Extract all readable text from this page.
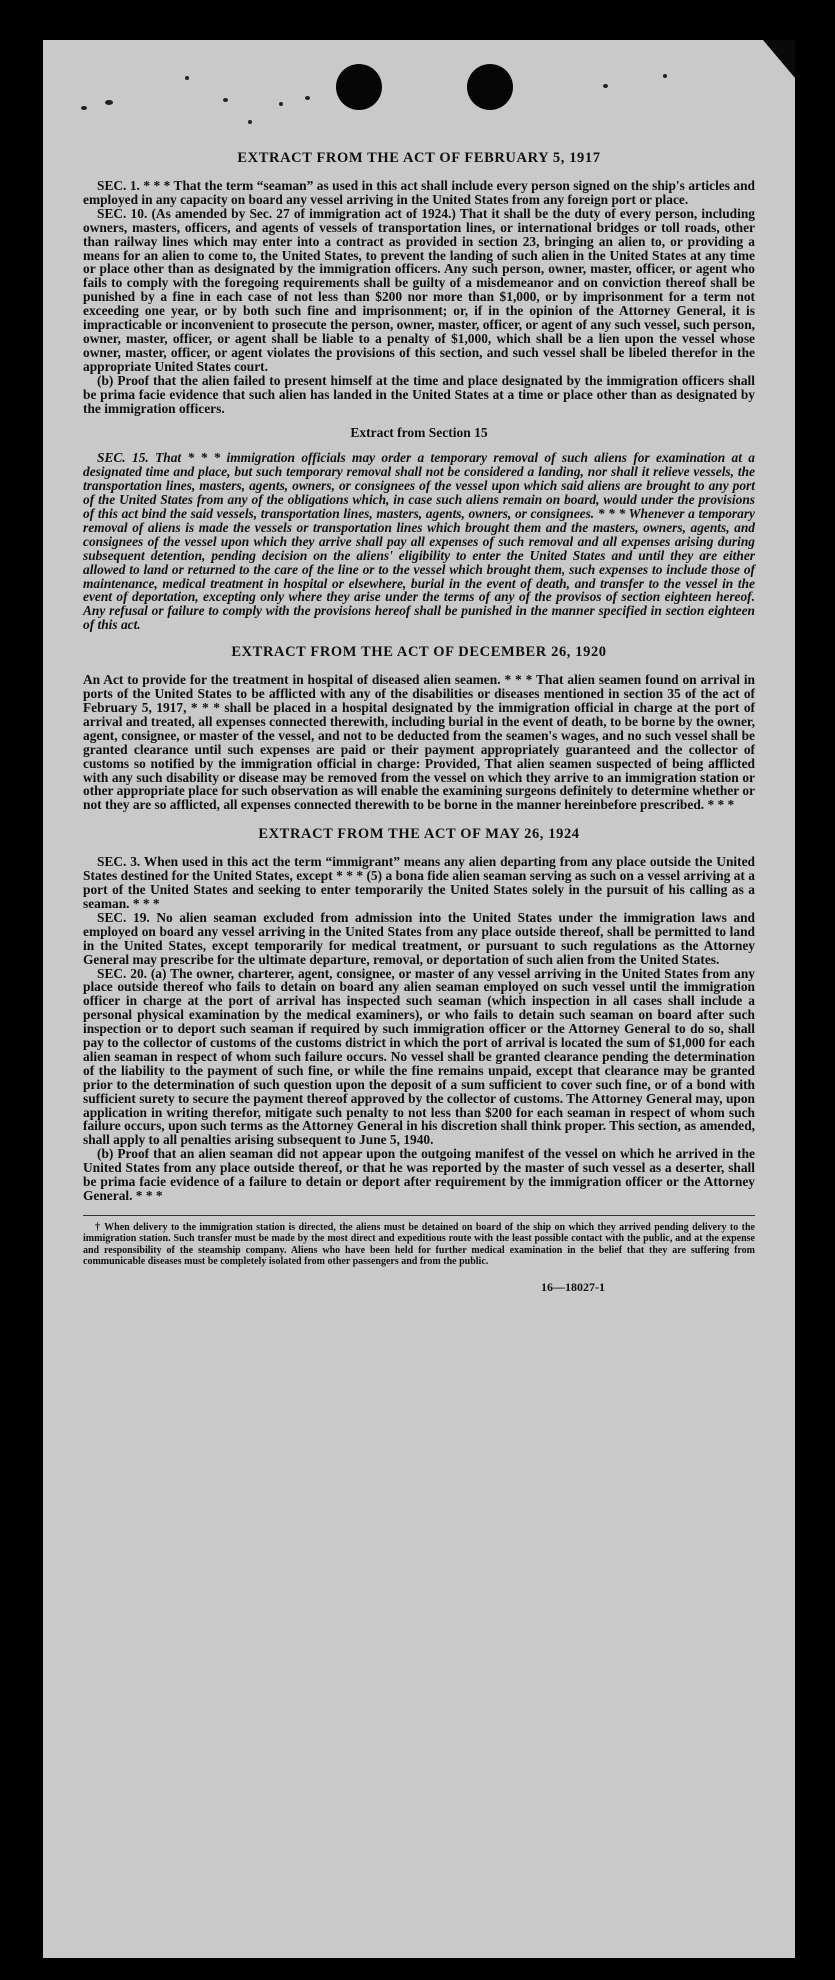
EXTRACT FROM THE ACT OF FEBRUARY 5, 1917

SEC. 1. * * * That the term “seaman” as used in this act shall include every person signed on the ship's articles and employed in any capacity on board any vessel arriving in the United States from any foreign port or place.

SEC. 10. (As amended by Sec. 27 of immigration act of 1924.) That it shall be the duty of every person, including owners, masters, officers, and agents of vessels of transportation lines, or international bridges or toll roads, other than railway lines which may enter into a contract as provided in section 23, bringing an alien to, or providing a means for an alien to come to, the United States, to prevent the landing of such alien in the United States at any time or place other than as designated by the immigration officers. Any such person, owner, master, officer, or agent who fails to comply with the foregoing requirements shall be guilty of a misdemeanor and on conviction thereof shall be punished by a fine in each case of not less than $200 nor more than $1,000, or by imprisonment for a term not exceeding one year, or by both such fine and imprisonment; or, if in the opinion of the Attorney General, it is impracticable or inconvenient to prosecute the person, owner, master, officer, or agent of any such vessel, such person, owner, master, officer, or agent shall be liable to a penalty of $1,000, which shall be a lien upon the vessel whose owner, master, officer, or agent violates the provisions of this section, and such vessel shall be libeled therefor in the appropriate United States court.

(b) Proof that the alien failed to present himself at the time and place designated by the immigration officers shall be prima facie evidence that such alien has landed in the United States at a time or place other than as designated by the immigration officers.

Extract from Section 15

SEC. 15. That * * * immigration officials may order a temporary removal of such aliens for examination at a designated time and place, but such temporary removal shall not be considered a landing, nor shall it relieve vessels, the transportation lines, masters, agents, owners, or consignees of the vessel upon which said aliens are brought to any port of the United States from any of the obligations which, in case such aliens remain on board, would under the provisions of this act bind the said vessels, transportation lines, masters, agents, owners, or consignees. * * * Whenever a temporary removal of aliens is made the vessels or transportation lines which brought them and the masters, owners, agents, and consignees of the vessel upon which they arrive shall pay all expenses of such removal and all expenses arising during subsequent detention, pending decision on the aliens' eligibility to enter the United States and until they are either allowed to land or returned to the care of the line or to the vessel which brought them, such expenses to include those of maintenance, medical treatment in hospital or elsewhere, burial in the event of death, and transfer to the vessel in the event of deportation, excepting only where they arise under the terms of any of the provisos of section eighteen hereof. Any refusal or failure to comply with the provisions hereof shall be punished in the manner specified in section eighteen of this act.

EXTRACT FROM THE ACT OF DECEMBER 26, 1920

An Act to provide for the treatment in hospital of diseased alien seamen. * * * That alien seamen found on arrival in ports of the United States to be afflicted with any of the disabilities or diseases mentioned in section 35 of the act of February 5, 1917, * * * shall be placed in a hospital designated by the immigration official in charge at the port of arrival and treated, all expenses connected therewith, including burial in the event of death, to be borne by the owner, agent, consignee, or master of the vessel, and not to be deducted from the seamen's wages, and no such vessel shall be granted clearance until such expenses are paid or their payment appropriately guaranteed and the collector of customs so notified by the immigration official in charge: Provided, That alien seamen suspected of being afflicted with any such disability or disease may be removed from the vessel on which they arrive to an immigration station or other appropriate place for such observation as will enable the examining surgeons definitely to determine whether or not they are so afflicted, all expenses connected therewith to be borne in the manner hereinbefore prescribed. * * *

EXTRACT FROM THE ACT OF MAY 26, 1924

SEC. 3. When used in this act the term “immigrant” means any alien departing from any place outside the United States destined for the United States, except * * * (5) a bona fide alien seaman serving as such on a vessel arriving at a port of the United States and seeking to enter temporarily the United States solely in the pursuit of his calling as a seaman. * * *

SEC. 19. No alien seaman excluded from admission into the United States under the immigration laws and employed on board any vessel arriving in the United States from any place outside thereof, shall be permitted to land in the United States, except temporarily for medical treatment, or pursuant to such regulations as the Attorney General may prescribe for the ultimate departure, removal, or deportation of such alien from the United States.

SEC. 20. (a) The owner, charterer, agent, consignee, or master of any vessel arriving in the United States from any place outside thereof who fails to detain on board any alien seaman employed on such vessel until the immigration officer in charge at the port of arrival has inspected such seaman (which inspection in all cases shall include a personal physical examination by the medical examiners), or who fails to detain such seaman on board after such inspection or to deport such seaman if required by such immigration officer or the Attorney General to do so, shall pay to the collector of customs of the customs district in which the port of arrival is located the sum of $1,000 for each alien seaman in respect of whom such failure occurs. No vessel shall be granted clearance pending the determination of the liability to the payment of such fine, or while the fine remains unpaid, except that clearance may be granted prior to the determination of such question upon the deposit of a sum sufficient to cover such fine, or of a bond with sufficient surety to secure the payment thereof approved by the collector of customs. The Attorney General may, upon application in writing therefor, mitigate such penalty to not less than $200 for each seaman in respect of whom such failure occurs, upon such terms as the Attorney General in his discretion shall think proper. This section, as amended, shall apply to all penalties arising subsequent to June 5, 1940.

(b) Proof that an alien seaman did not appear upon the outgoing manifest of the vessel on which he arrived in the United States from any place outside thereof, or that he was reported by the master of such vessel as a deserter, shall be prima facie evidence of a failure to detain or deport after requirement by the immigration officer or the Attorney General. * * *

† When delivery to the immigration station is directed, the aliens must be detained on board of the ship on which they arrived pending delivery to the immigration station. Such transfer must be made by the most direct and expeditious route with the least possible contact with the public, and at the expense and responsibility of the steamship company. Aliens who have been held for further medical examination in the belief that they are suffering from communicable diseases must be completely isolated from other passengers and from the public.
16—18027-1
